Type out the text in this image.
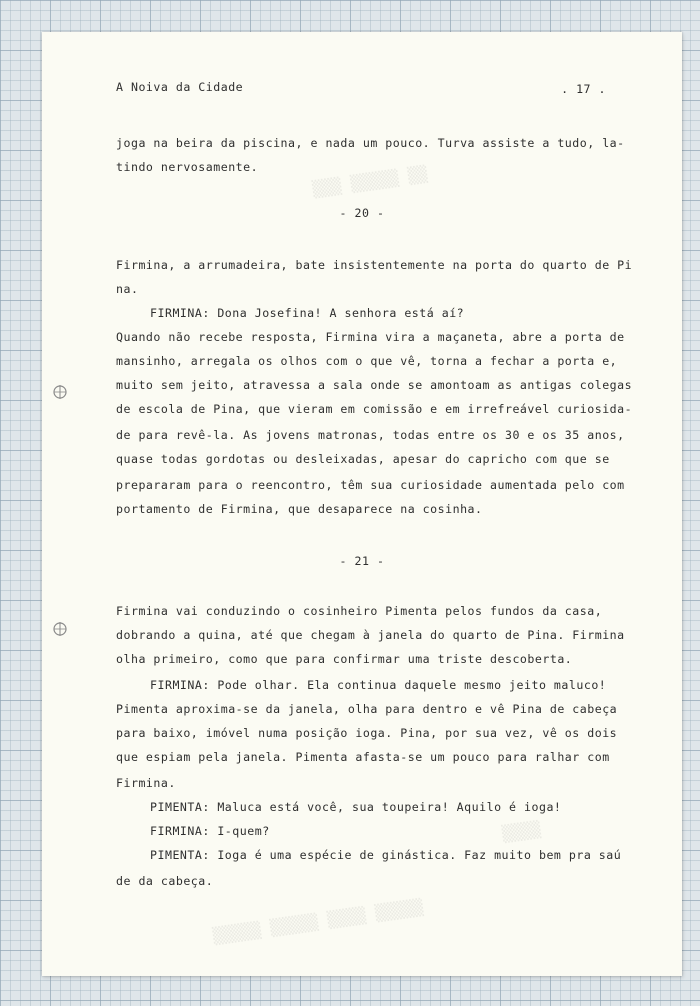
▒▒▒ ▒▒▒▒▒ ▒▒
▒▒▒▒
▒▒▒▒▒ ▒▒▒▒▒ ▒▒▒▒ ▒▒▒▒▒
A Noiva da Cidade	. 17 .
joga na beira da piscina, e nada um pouco. Turva assiste a tudo, la-
tindo nervosamente.
- 20 -
Firmina, a arrumadeira, bate insistentemente na porta do quarto de Pi
na.
FIRMINA: Dona Josefina! A senhora está aí?
Quando não recebe resposta, Firmina vira a maçaneta, abre a porta de
mansinho, arregala os olhos com o que vê, torna a fechar a porta e,
muito sem jeito, atravessa a sala onde se amontoam as antigas colegas
de escola de Pina, que vieram em comissão e em irrefreável curiosida-
de para revê-la. As jovens matronas, todas entre os 30 e os 35 anos,
quase todas gordotas ou desleixadas, apesar do capricho com que se
prepararam para o reencontro, têm sua curiosidade aumentada pelo com
portamento de Firmina, que desaparece na cosinha.
- 21 -
Firmina vai conduzindo o cosinheiro Pimenta pelos fundos da casa,
dobrando a quina, até que chegam à janela do quarto de Pina. Firmina
olha primeiro, como que para confirmar uma triste descoberta.
FIRMINA: Pode olhar. Ela continua daquele mesmo jeito maluco!
Pimenta aproxima-se da janela, olha para dentro e vê Pina de cabeça
para baixo, imóvel numa posição ioga. Pina, por sua vez, vê os dois
que espiam pela janela. Pimenta afasta-se um pouco para ralhar com
Firmina.
PIMENTA: Maluca está você, sua toupeira! Aquilo é ioga!
FIRMINA: I-quem?
PIMENTA: Ioga é uma espécie de ginástica. Faz muito bem pra saú
de da cabeça.
